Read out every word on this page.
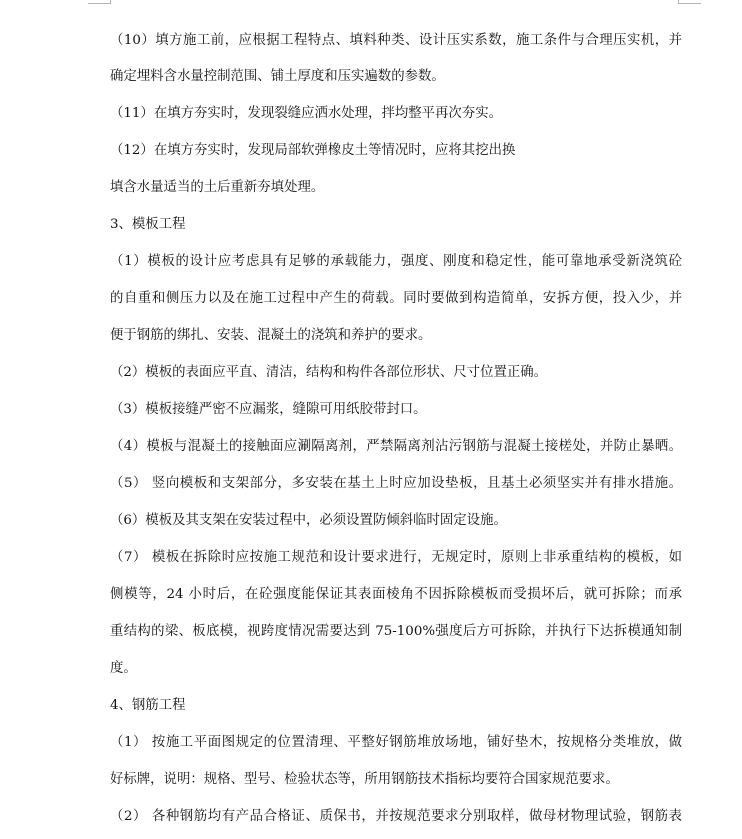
（10）填方施工前，应根据工程特点、填料种类、设计压实系数，施工条件与合理压实机，并
确定埋料含水量控制范围、铺土厚度和压实遍数的参数。
（11）在填方夯实时，发现裂缝应洒水处理，拌均整平再次夯实。
（12）在填方夯实时，发现局部软弹橡皮土等情况时，应将其挖出换
填含水量适当的土后重新夯填处理。
3、模板工程
（1）模板的设计应考虑具有足够的承载能力，强度、刚度和稳定性，能可靠地承受新浇筑砼
的自重和侧压力以及在施工过程中产生的荷载。同时要做到构造简单，安拆方便，投入少，并
便于钢筋的绑扎、安装、混凝土的浇筑和养护的要求。
（2）模板的表面应平直、清洁，结构和构件各部位形状、尺寸位置正确。
（3）模板接缝严密不应漏浆，缝隙可用纸胶带封口。
（4）模板与混凝土的接触面应涮隔离剂，严禁隔离剂沾污钢筋与混凝土接槎处，并防止暴晒。
（5） 竖向模板和支架部分，多安装在基土上时应加设垫板，且基土必须坚实并有排水措施。
（6）模板及其支架在安装过程中，必须设置防倾斜临时固定设施。
（7） 模板在拆除时应按施工规范和设计要求进行，无规定时，原则上非承重结构的模板，如
侧模等，24 小时后，在砼强度能保证其表面棱角不因拆除模板而受损坏后，就可拆除；而承
重结构的梁、板底模，视跨度情况需要达到 75-100%强度后方可拆除，并执行下达拆模通知制
度。
4、钢筋工程
（1） 按施工平面图规定的位置清理、平整好钢筋堆放场地，铺好垫木，按规格分类堆放，做
好标牌，说明：规格、型号、检验状态等，所用钢筋技术指标均要符合国家规范要求。
（2） 各种钢筋均有产品合格证、质保书，并按规范要求分别取样，做母材物理试验，钢筋表
